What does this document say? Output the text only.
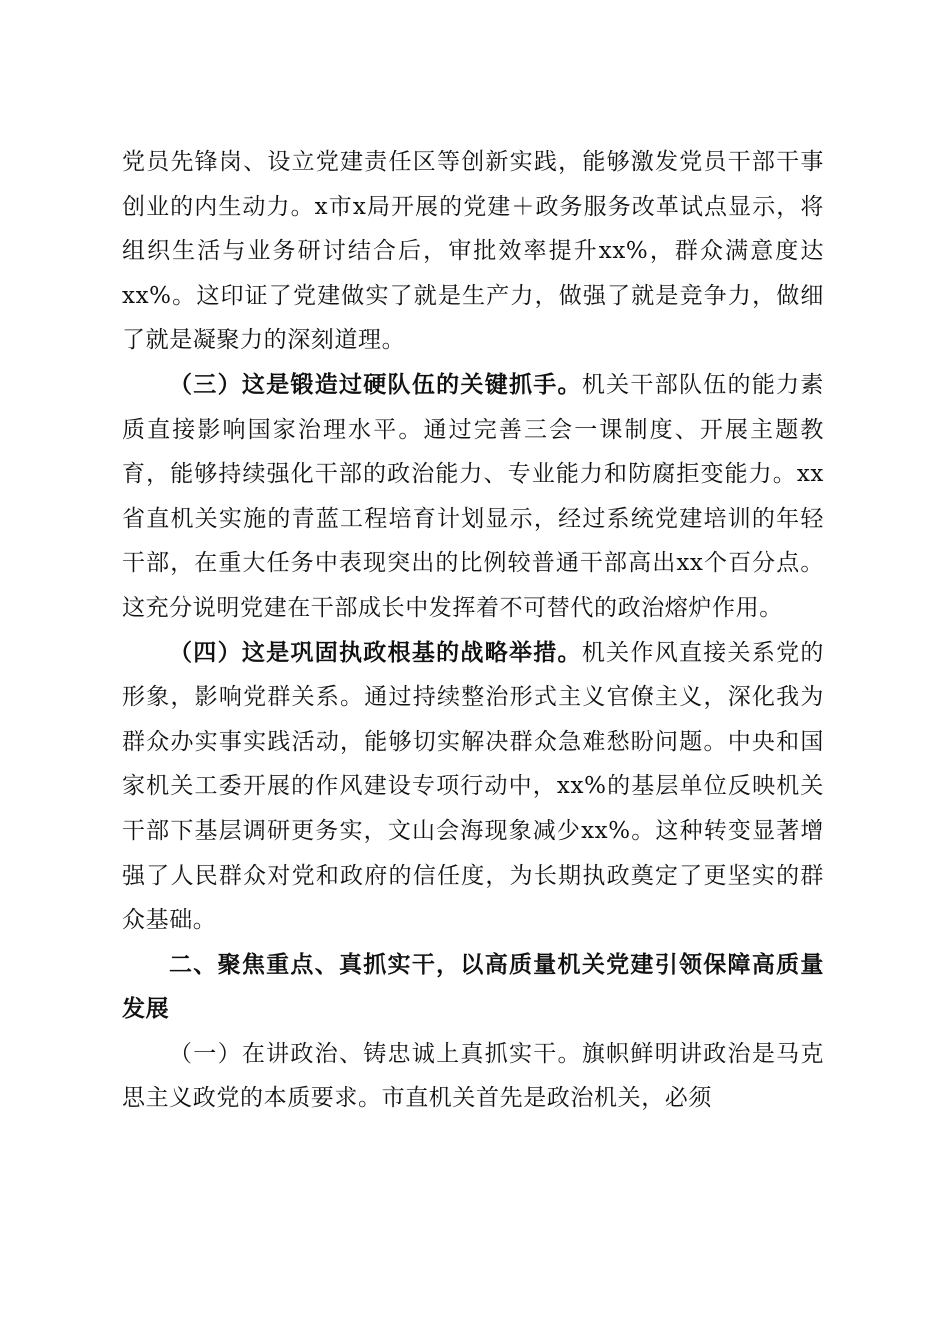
党员先锋岗、设立党建责任区等创新实践，能够激发党员干部干事创业的内生动力。x市x局开展的党建＋政务服务改革试点显示，将组织生活与业务研讨结合后，审批效率提升xx%，群众满意度达xx%。这印证了党建做实了就是生产力，做强了就是竞争力，做细了就是凝聚力的深刻道理。

（三）这是锻造过硬队伍的关键抓手。机关干部队伍的能力素质直接影响国家治理水平。通过完善三会一课制度、开展主题教育，能够持续强化干部的政治能力、专业能力和防腐拒变能力。xx省直机关实施的青蓝工程培育计划显示，经过系统党建培训的年轻干部，在重大任务中表现突出的比例较普通干部高出xx个百分点。这充分说明党建在干部成长中发挥着不可替代的政治熔炉作用。

（四）这是巩固执政根基的战略举措。机关作风直接关系党的形象，影响党群关系。通过持续整治形式主义官僚主义，深化我为群众办实事实践活动，能够切实解决群众急难愁盼问题。中央和国家机关工委开展的作风建设专项行动中，xx%的基层单位反映机关干部下基层调研更务实，文山会海现象减少xx%。这种转变显著增强了人民群众对党和政府的信任度，为长期执政奠定了更坚实的群众基础。

二、聚焦重点、真抓实干，以高质量机关党建引领保障高质量发展

（一）在讲政治、铸忠诚上真抓实干。旗帜鲜明讲政治是马克思主义政党的本质要求。市直机关首先是政治机关，必须
